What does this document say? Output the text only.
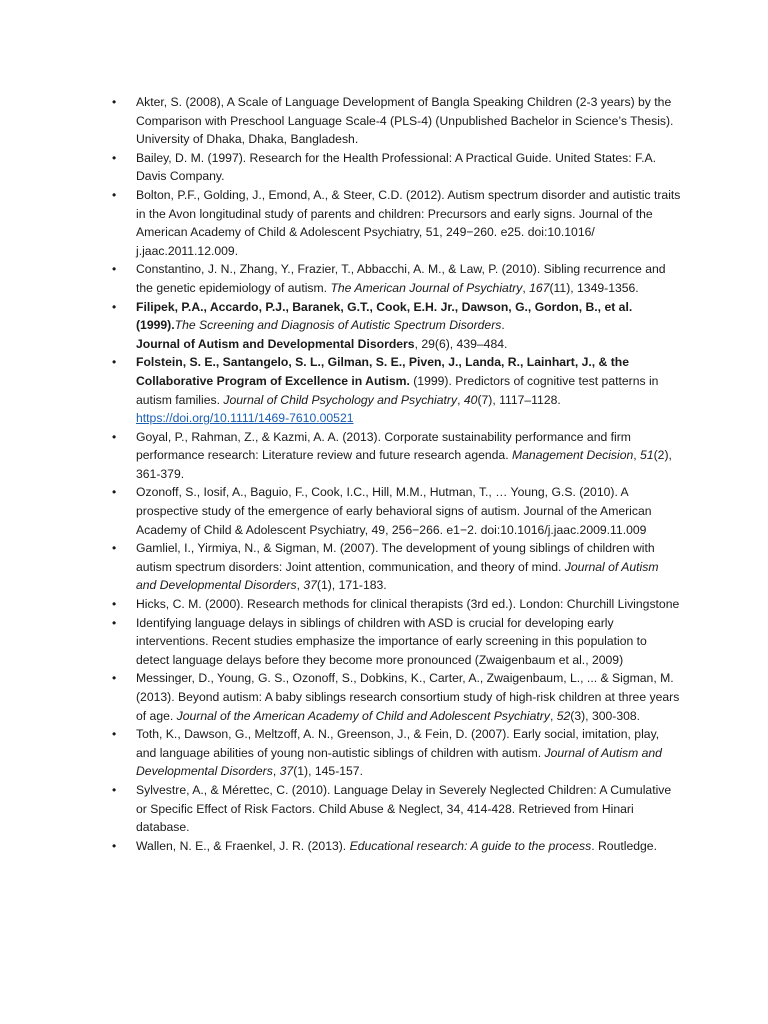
• Akter, S. (2008), A Scale of Language Development of Bangla Speaking Children (2-3 years) by the Comparison with Preschool Language Scale-4 (PLS-4) (Unpublished Bachelor in Science’s Thesis). University of Dhaka, Dhaka, Bangladesh.
• Bailey, D. M. (1997). Research for the Health Professional: A Practical Guide. United States: F.A. Davis Company.
• Bolton, P.F., Golding, J., Emond, A., & Steer, C.D. (2012). Autism spectrum disorder and autistic traits in the Avon longitudinal study of parents and children: Precursors and early signs. Journal of the American Academy of Child & Adolescent Psychiatry, 51, 249−260. e25. doi:10.1016/ j.jaac.2011.12.009.
• Constantino, J. N., Zhang, Y., Frazier, T., Abbacchi, A. M., & Law, P. (2010). Sibling recurrence and the genetic epidemiology of autism. The American Journal of Psychiatry, 167(11), 1349-1356.
• Filipek, P.A., Accardo, P.J., Baranek, G.T., Cook, E.H. Jr., Dawson, G., Gordon, B., et al. (1999).The Screening and Diagnosis of Autistic Spectrum Disorders.
Journal of Autism and Developmental Disorders, 29(6), 439–484.
• Folstein, S. E., Santangelo, S. L., Gilman, S. E., Piven, J., Landa, R., Lainhart, J., & the Collaborative Program of Excellence in Autism. (1999). Predictors of cognitive test patterns in autism families. Journal of Child Psychology and Psychiatry, 40(7), 1117–1128.
https://doi.org/10.1111/1469-7610.00521
• Goyal, P., Rahman, Z., & Kazmi, A. A. (2013). Corporate sustainability performance and firm performance research: Literature review and future research agenda. Management Decision, 51(2), 361-379.
• Ozonoff, S., Iosif, A., Baguio, F., Cook, I.C., Hill, M.M., Hutman, T., … Young, G.S. (2010). A prospective study of the emergence of early behavioral signs of autism. Journal of the American Academy of Child & Adolescent Psychiatry, 49, 256−266. e1−2. doi:10.1016/j.jaac.2009.11.009
• Gamliel, I., Yirmiya, N., & Sigman, M. (2007). The development of young siblings of children with autism spectrum disorders: Joint attention, communication, and theory of mind. Journal of Autism and Developmental Disorders, 37(1), 171-183.
• Hicks, C. M. (2000). Research methods for clinical therapists (3rd ed.). London: Churchill Livingstone
• Identifying language delays in siblings of children with ASD is crucial for developing early interventions. Recent studies emphasize the importance of early screening in this population to detect language delays before they become more pronounced (Zwaigenbaum et al., 2009)
• Messinger, D., Young, G. S., Ozonoff, S., Dobkins, K., Carter, A., Zwaigenbaum, L., ... & Sigman, M. (2013). Beyond autism: A baby siblings research consortium study of high-risk children at three years of age. Journal of the American Academy of Child and Adolescent Psychiatry, 52(3), 300-308.
• Toth, K., Dawson, G., Meltzoff, A. N., Greenson, J., & Fein, D. (2007). Early social, imitation, play, and language abilities of young non-autistic siblings of children with autism. Journal of Autism and Developmental Disorders, 37(1), 145-157.
• Sylvestre, A., & Mérettec, C. (2010). Language Delay in Severely Neglected Children: A Cumulative or Specific Effect of Risk Factors. Child Abuse & Neglect, 34, 414-428. Retrieved from Hinari database.
• Wallen, N. E., & Fraenkel, J. R. (2013). Educational research: A guide to the process. Routledge.
